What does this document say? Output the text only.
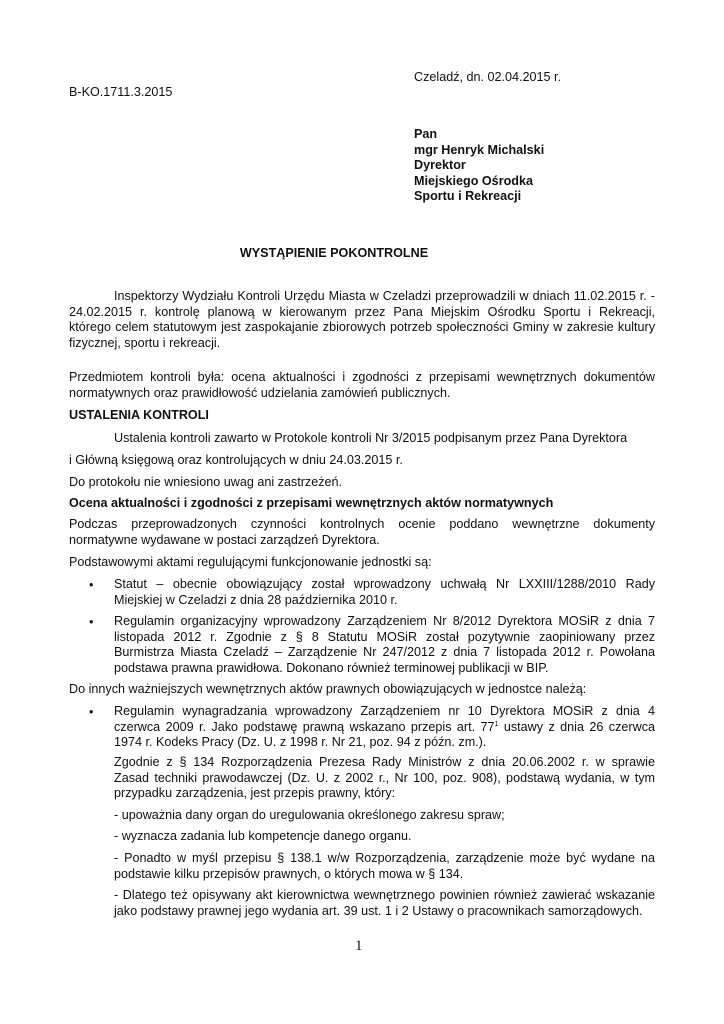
Czeladź, dn. 02.04.2015 r.
B-KO.1711.3.2015
Pan
mgr Henryk Michalski
Dyrektor
Miejskiego Ośrodka
Sportu i Rekreacji
WYSTĄPIENIE POKONTROLNE
Inspektorzy Wydziału Kontroli Urzędu Miasta w Czeladzi przeprowadzili w dniach 11.02.2015 r. -
24.02.2015 r. kontrolę planową w kierowanym przez Pana Miejskim Ośrodku Sportu i Rekreacji,
którego celem statutowym jest zaspokajanie zbiorowych potrzeb społeczności Gminy w zakresie kultury
fizycznej, sportu i rekreacji.
Przedmiotem kontroli była: ocena aktualności i zgodności z przepisami wewnętrznych dokumentów
normatywnych oraz prawidłowość udzielania zamówień publicznych.
USTALENIA KONTROLI
Ustalenia kontroli zawarto w Protokole kontroli Nr 3/2015 podpisanym przez Pana Dyrektora
i Główną księgową oraz kontrolujących w dniu 24.03.2015 r.
Do protokołu nie wniesiono uwag ani zastrzeżeń.
Ocena aktualności i zgodności z przepisami wewnętrznych aktów normatywnych
Podczas przeprowadzonych czynności kontrolnych ocenie poddano wewnętrzne dokumenty
normatywne wydawane w postaci zarządzeń Dyrektora.
Podstawowymi aktami regulującymi funkcjonowanie jednostki są:
• Statut – obecnie obowiązujący został wprowadzony uchwałą Nr LXXIII/1288/2010 Rady
Miejskiej w Czeladzi z dnia 28 października 2010 r.
• Regulamin organizacyjny wprowadzony Zarządzeniem Nr 8/2012 Dyrektora MOSiR z dnia 7
listopada 2012 r. Zgodnie z § 8 Statutu MOSiR został pozytywnie zaopiniowany przez
Burmistrza Miasta Czeladź – Zarządzenie Nr 247/2012 z dnia 7 listopada 2012 r. Powołana
podstawa prawna prawidłowa. Dokonano również terminowej publikacji w BIP.
Do innych ważniejszych wewnętrznych aktów prawnych obowiązujących w jednostce należą:
• Regulamin wynagradzania wprowadzony Zarządzeniem nr 10 Dyrektora MOSiR z dnia 4
czerwca 2009 r. Jako podstawę prawną wskazano przepis art. $77^1$ ustawy z dnia 26 czerwca
1974 r. Kodeks Pracy (Dz. U. z 1998 r. Nr 21, poz. 94 z późn. zm.).
Zgodnie z § 134 Rozporządzenia Prezesa Rady Ministrów z dnia 20.06.2002 r. w sprawie
Zasad techniki prawodawczej (Dz. U. z 2002 r., Nr 100, poz. 908), podstawą wydania, w tym
przypadku zarządzenia, jest przepis prawny, który:
- upoważnia dany organ do uregulowania określonego zakresu spraw;
- wyznacza zadania lub kompetencje danego organu.
- Ponadto w myśl przepisu § 138.1 w/w Rozporządzenia, zarządzenie może być wydane na
podstawie kilku przepisów prawnych, o których mowa w § 134.
- Dlatego też opisywany akt kierownictwa wewnętrznego powinien również zawierać wskazanie
jako podstawy prawnej jego wydania art. 39 ust. 1 i 2 Ustawy o pracownikach samorządowych.
1
